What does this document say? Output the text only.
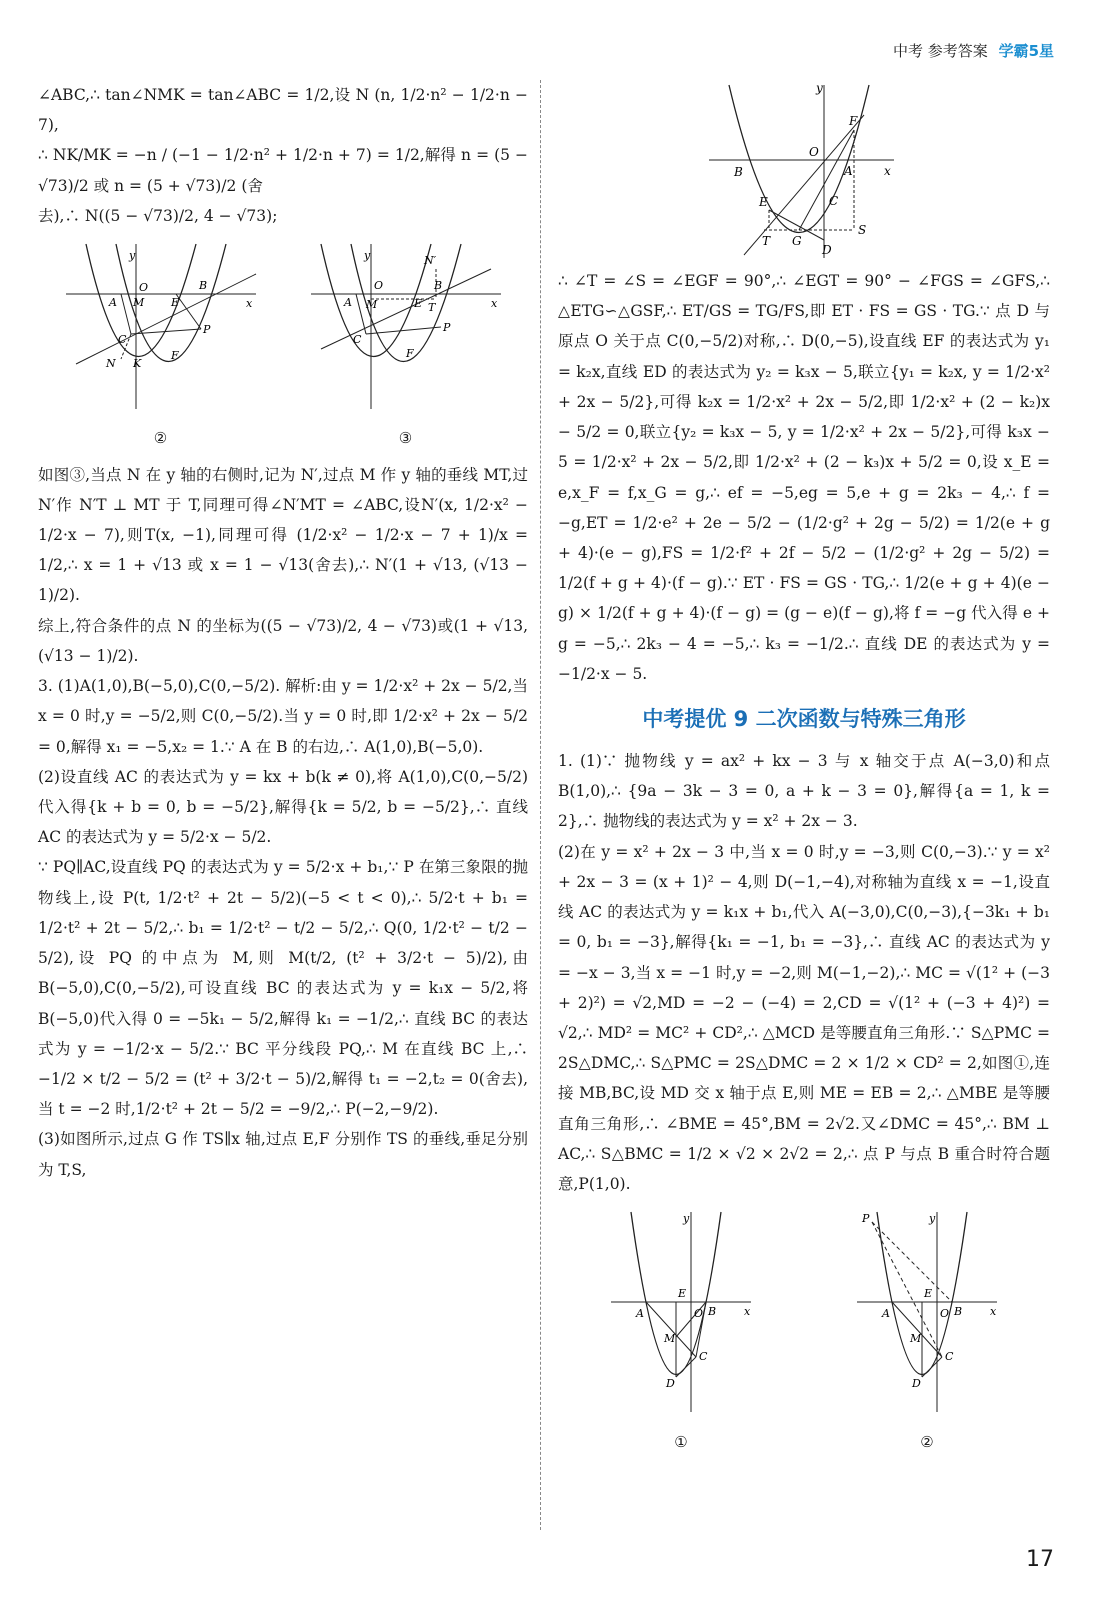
中考 参考答案 学霸5星

∠ABC,∴ tan∠NMK = tan∠ABC = 1/2,设 N (n, 1/2·n² − 1/2·n − 7),

∴ NK/MK = −n / (−1 − 1/2·n² + 1/2·n + 7) = 1/2,解得 n = (5 − √73)/2 或 n = (5 + √73)/2 (舍

去),∴ N((5 − √73)/2, 4 − √73);

A M
O
E
B
y
x
C
P
F
N K
②
A M
O	B
N′
T
E
y
x
C
P
F
③

如图③,当点 N 在 y 轴的右侧时,记为 N′,过点 M 作 y 轴的垂线 MT,过 N′作 N′T ⊥ MT 于 T,同理可得∠N′MT = ∠ABC,设N′(x, 1/2·x² − 1/2·x − 7),则T(x, −1),同理可得 (1/2·x² − 1/2·x − 7 + 1)/x = 1/2,∴ x = 1 + √13 或 x = 1 − √13(舍去),∴ N′(1 + √13, (√13 − 1)/2).

综上,符合条件的点 N 的坐标为((5 − √73)/2, 4 − √73)或(1 + √13, (√13 − 1)/2).

3. (1)A(1,0),B(−5,0),C(0,−5/2). 解析:由 y = 1/2·x² + 2x − 5/2,当 x = 0 时,y = −5/2,则 C(0,−5/2).当 y = 0 时,即 1/2·x² + 2x − 5/2 = 0,解得 x₁ = −5,x₂ = 1.∵ A 在 B 的右边,∴ A(1,0),B(−5,0).

(2)设直线 AC 的表达式为 y = kx + b(k ≠ 0),将 A(1,0),C(0,−5/2)代入得{k + b = 0, b = −5/2},解得{k = 5/2, b = −5/2},∴ 直线 AC 的表达式为 y = 5/2·x − 5/2.

∵ PQ∥AC,设直线 PQ 的表达式为 y = 5/2·x + b₁,∵ P 在第三象限的抛物线上,设 P(t, 1/2·t² + 2t − 5/2)(−5 < t < 0),∴ 5/2·t + b₁ = 1/2·t² + 2t − 5/2,∴ b₁ = 1/2·t² − t/2 − 5/2,∴ Q(0, 1/2·t² − t/2 − 5/2),设 PQ 的中点为 M,则 M(t/2, (t² + 3/2·t − 5)/2),由 B(−5,0),C(0,−5/2),可设直线 BC 的表达式为 y = k₁x − 5/2,将 B(−5,0)代入得 0 = −5k₁ − 5/2,解得 k₁ = −1/2,∴ 直线 BC 的表达式为 y = −1/2·x − 5/2.∵ BC 平分线段 PQ,∴ M 在直线 BC 上,∴ −1/2 × t/2 − 5/2 = (t² + 3/2·t − 5)/2,解得 t₁ = −2,t₂ = 0(舍去),当 t = −2 时,1/2·t² + 2t − 5/2 = −9/2,∴ P(−2,−9/2).

(3)如图所示,过点 G 作 TS∥x 轴,过点 E,F 分别作 TS 的垂线,垂足分别为 T,S,

B
O
A	x
y
F
C
E
T G
D
S

∴ ∠T = ∠S = ∠EGF = 90°,∴ ∠EGT = 90° − ∠FGS = ∠GFS,∴ △ETG∽△GSF,∴ ET/GS = TG/FS,即 ET · FS = GS · TG.∵ 点 D 与原点 O 关于点 C(0,−5/2)对称,∴ D(0,−5),设直线 EF 的表达式为 y₁ = k₂x,直线 ED 的表达式为 y₂ = k₃x − 5,联立{y₁ = k₂x, y = 1/2·x² + 2x − 5/2},可得 k₂x = 1/2·x² + 2x − 5/2,即 1/2·x² + (2 − k₂)x − 5/2 = 0,联立{y₂ = k₃x − 5, y = 1/2·x² + 2x − 5/2},可得 k₃x − 5 = 1/2·x² + 2x − 5/2,即 1/2·x² + (2 − k₃)x + 5/2 = 0,设 x_E = e,x_F = f,x_G = g,∴ ef = −5,eg = 5,e + g = 2k₃ − 4,∴ f = −g,ET = 1/2·e² + 2e − 5/2 − (1/2·g² + 2g − 5/2) = 1/2(e + g + 4)·(e − g),FS = 1/2·f² + 2f − 5/2 − (1/2·g² + 2g − 5/2) = 1/2(f + g + 4)·(f − g).∵ ET · FS = GS · TG,∴ 1/2(e + g + 4)(e − g) × 1/2(f + g + 4)·(f − g) = (g − e)(f − g),将 f = −g 代入得 e + g = −5,∴ 2k₃ − 4 = −5,∴ k₃ = −1/2.∴ 直线 DE 的表达式为 y = −1/2·x − 5.

中考提优 9 二次函数与特殊三角形

1. (1)∵ 抛物线 y = ax² + kx − 3 与 x 轴交于点 A(−3,0)和点 B(1,0),∴ {9a − 3k − 3 = 0, a + k − 3 = 0},解得{a = 1, k = 2},∴ 抛物线的表达式为 y = x² + 2x − 3.

(2)在 y = x² + 2x − 3 中,当 x = 0 时,y = −3,则 C(0,−3).∵ y = x² + 2x − 3 = (x + 1)² − 4,则 D(−1,−4),对称轴为直线 x = −1,设直线 AC 的表达式为 y = k₁x + b₁,代入 A(−3,0),C(0,−3),{−3k₁ + b₁ = 0, b₁ = −3},解得{k₁ = −1, b₁ = −3},∴ 直线 AC 的表达式为 y = −x − 3,当 x = −1 时,y = −2,则 M(−1,−2),∴ MC = √(1² + (−3 + 2)²) = √2,MD = −2 − (−4) = 2,CD = √(1² + (−3 + 4)²) = √2,∴ MD² = MC² + CD²,∴ △MCD 是等腰直角三角形.∵ S△PMC = 2S△DMC,∴ S△PMC = 2S△DMC = 2 × 1/2 × CD² = 2,如图①,连接 MB,BC,设 MD 交 x 轴于点 E,则 ME = EB = 2,∴ △MBE 是等腰直角三角形,∴ ∠BME = 45°,BM = 2√2.又∠DMC = 45°,∴ BM ⊥ AC,∴ S△BMC = 1/2 × √2 × 2√2 = 2,∴ 点 P 与点 B 重合时符合题意,P(1,0).

A
E
O B
y
x
M
C
D
①
P
A
E
O B
y
x
M
C
D
②
17
